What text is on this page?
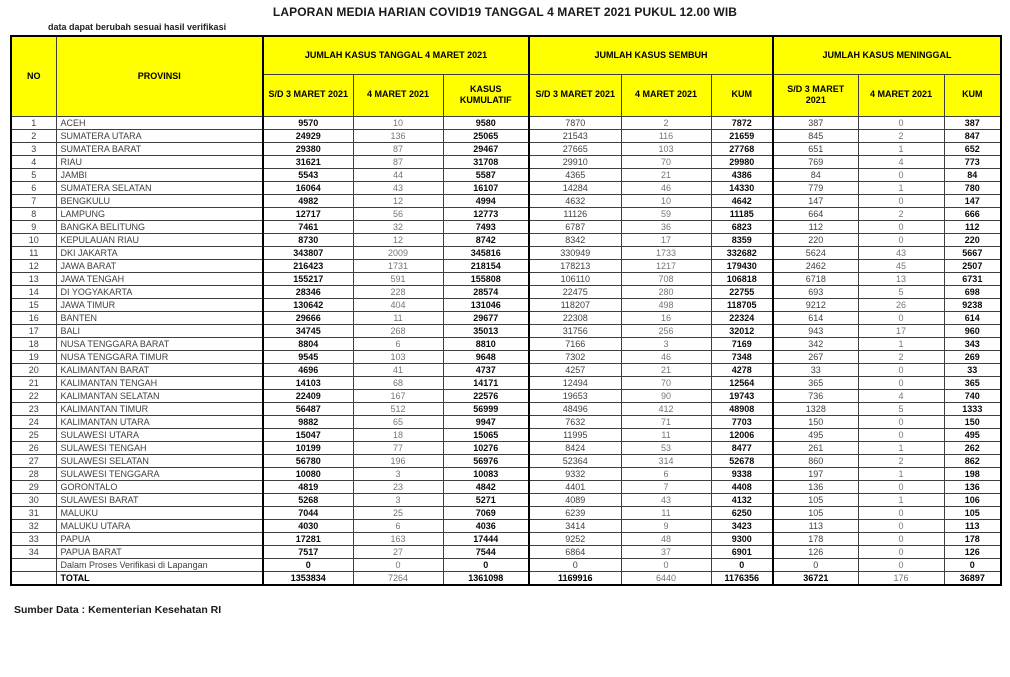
LAPORAN MEDIA HARIAN COVID19 TANGGAL 4 MARET 2021 PUKUL 12.00 WIB
data dapat berubah sesuai hasil verifikasi
NO	PROVINSI	JUMLAH KASUS TANGGAL 4 MARET 2021			JUMLAH KASUS SEMBUH			JUMLAH KASUS MENINGGAL		
		S/D 3 MARET 2021	4 MARET 2021	KASUS KUMULATIF	S/D 3 MARET 2021	4 MARET 2021	KUM	S/D 3 MARET 2021	4 MARET 2021	KUM
1	ACEH	9570	10	9580	7870	2	7872	387	0	387
2	SUMATERA UTARA	24929	136	25065	21543	116	21659	845	2	847
3	SUMATERA BARAT	29380	87	29467	27665	103	27768	651	1	652
4	RIAU	31621	87	31708	29910	70	29980	769	4	773
5	JAMBI	5543	44	5587	4365	21	4386	84	0	84
6	SUMATERA SELATAN	16064	43	16107	14284	46	14330	779	1	780
7	BENGKULU	4982	12	4994	4632	10	4642	147	0	147
8	LAMPUNG	12717	56	12773	11126	59	11185	664	2	666
9	BANGKA BELITUNG	7461	32	7493	6787	36	6823	112	0	112
10	KEPULAUAN RIAU	8730	12	8742	8342	17	8359	220	0	220
11	DKI JAKARTA	343807	2009	345816	330949	1733	332682	5624	43	5667
12	JAWA BARAT	216423	1731	218154	178213	1217	179430	2462	45	2507
13	JAWA TENGAH	155217	591	155808	106110	708	106818	6718	13	6731
14	DI YOGYAKARTA	28346	228	28574	22475	280	22755	693	5	698
15	JAWA TIMUR	130642	404	131046	118207	498	118705	9212	26	9238
16	BANTEN	29666	11	29677	22308	16	22324	614	0	614
17	BALI	34745	268	35013	31756	256	32012	943	17	960
18	NUSA TENGGARA BARAT	8804	6	8810	7166	3	7169	342	1	343
19	NUSA TENGGARA TIMUR	9545	103	9648	7302	46	7348	267	2	269
20	KALIMANTAN BARAT	4696	41	4737	4257	21	4278	33	0	33
21	KALIMANTAN TENGAH	14103	68	14171	12494	70	12564	365	0	365
22	KALIMANTAN SELATAN	22409	167	22576	19653	90	19743	736	4	740
23	KALIMANTAN TIMUR	56487	512	56999	48496	412	48908	1328	5	1333
24	KALIMANTAN UTARA	9882	65	9947	7632	71	7703	150	0	150
25	SULAWESI UTARA	15047	18	15065	11995	11	12006	495	0	495
26	SULAWESI TENGAH	10199	77	10276	8424	53	8477	261	1	262
27	SULAWESI SELATAN	56780	196	56976	52364	314	52678	860	2	862
28	SULAWESI TENGGARA	10080	3	10083	9332	6	9338	197	1	198
29	GORONTALO	4819	23	4842	4401	7	4408	136	0	136
30	SULAWESI BARAT	5268	3	5271	4089	43	4132	105	1	106
31	MALUKU	7044	25	7069	6239	11	6250	105	0	105
32	MALUKU UTARA	4030	6	4036	3414	9	3423	113	0	113
33	PAPUA	17281	163	17444	9252	48	9300	178	0	178
34	PAPUA BARAT	7517	27	7544	6864	37	6901	126	0	126
	Dalam Proses Verifikasi di Lapangan	0	0	0	0	0	0	0	0	0
	TOTAL	1353834	7264	1361098	1169916	6440	1176356	36721	176	36897
Sumber Data : Kementerian Kesehatan RI
